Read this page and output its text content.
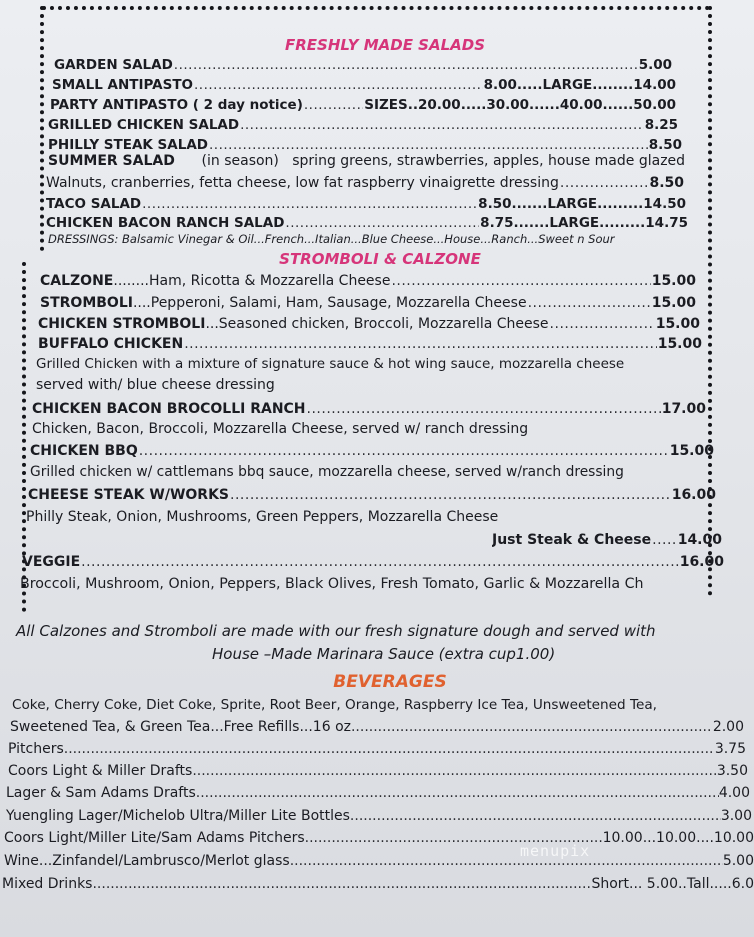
FRESHLY MADE SALADS
GARDEN SALAD .....	5.00
SMALL ANTIPASTO .....	8.00.....LARGE........14.00
PARTY ANTIPASTO ( 2 day notice) .....	SIZES..20.00.....30.00......40.00......50.00
GRILLED CHICKEN SALAD .....	8.25
PHILLY STEAK SALAD .....	8.50
SUMMER SALAD (in season) spring greens, strawberries, apples, house made glazed
Walnuts, cranberries, fetta cheese, low fat raspberry vinaigrette dressing .....	8.50
TACO SALAD .....	8.50.......LARGE.........14.50
CHICKEN BACON RANCH SALAD .....	8.75.......LARGE.........14.75
DRESSINGS: Balsamic Vinegar & Oil...French...Italian...Blue Cheese...House...Ranch...Sweet n Sour
STROMBOLI & CALZONE
CALZONE ........Ham, Ricotta & Mozzarella Cheese .....	15.00
STROMBOLI ....Pepperoni, Salami, Ham, Sausage, Mozzarella Cheese .....	15.00
CHICKEN STROMBOLI ...Seasoned chicken, Broccoli, Mozzarella Cheese .....	15.00
BUFFALO CHICKEN .....	15.00
Grilled Chicken with a mixture of signature sauce & hot wing sauce, mozzarella cheese
served with/ blue cheese dressing
CHICKEN BACON BROCOLLI RANCH .....	17.00
Chicken, Bacon, Broccoli, Mozzarella Cheese, served w/ ranch dressing
CHICKEN BBQ .....	15.00
Grilled chicken w/ cattlemans bbq sauce, mozzarella cheese, served w/ranch dressing
CHEESE STEAK W/WORKS .....	16.00
Philly Steak, Onion, Mushrooms, Green Peppers, Mozzarella Cheese
Just Steak & Cheese ..... 14.00
VEGGIE .....	16.00
Broccoli, Mushroom, Onion, Peppers, Black Olives, Fresh Tomato, Garlic & Mozzarella Ch
All Calzones and Stromboli are made with our fresh signature dough and served with
House –Made Marinara Sauce (extra cup1.00)
BEVERAGES
Coke, Cherry Coke, Diet Coke, Sprite, Root Beer, Orange, Raspberry Ice Tea, Unsweetened Tea,
Sweetened Tea, & Green Tea...Free Refills...16 oz .....	2.00
Pitchers .....	3.75
Coors Light & Miller Drafts .....	3.50
Lager & Sam Adams Drafts .....	4.00
Yuengling Lager/Michelob Ultra/Miller Lite Bottles .....	3.00
Coors Light/Miller Lite/Sam Adams Pitchers .....	10.00...10.00....10.00
Wine...Zinfandel/Lambrusco/Merlot glass .....	5.00
Mixed Drinks .....	Short... 5.00..Tall.....6.0
menupix
